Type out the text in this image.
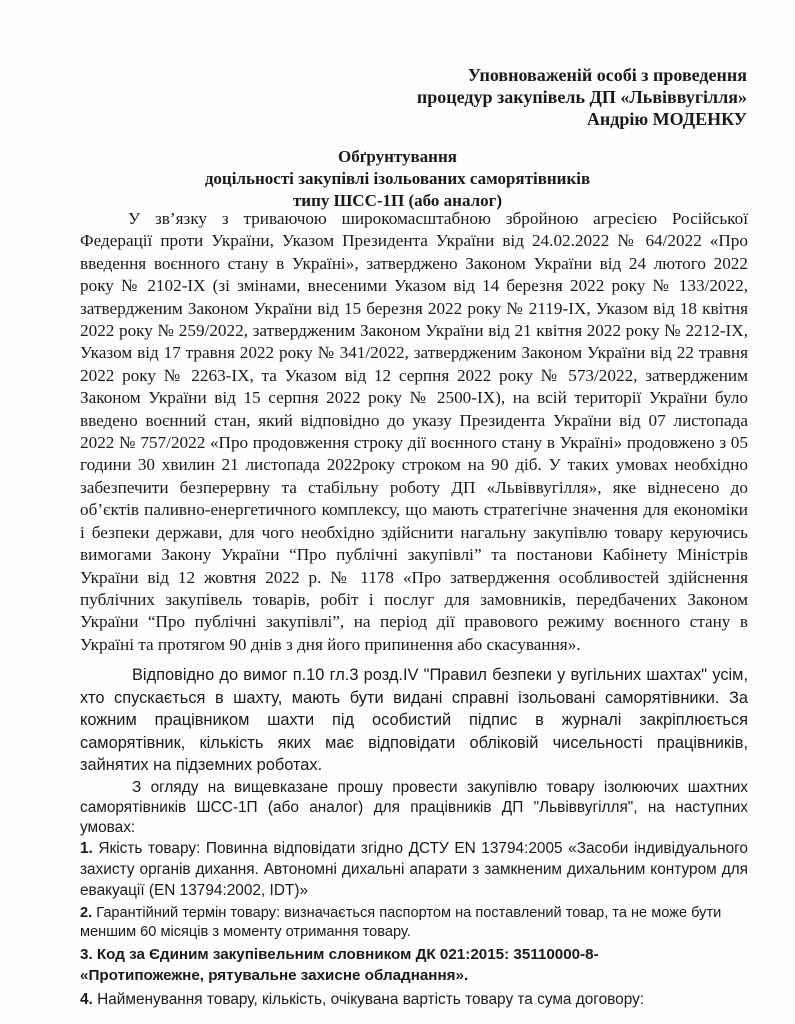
Уповноваженій особі з проведення
процедур закупівель ДП «Львіввугілля»
Андрію МОДЕНКУ
Обґрунтування
доцільності закупівлі ізольованих саморятівників
типу ШСС-1П (або аналог)

У зв’язку з триваючою широкомасштабною збройною агресією Російської Федерації проти України, Указом Президента України від 24.02.2022 № 64/2022 «Про введення воєнного стану в Україні», затверджено Законом України від 24 лютого 2022 року № 2102-IX (зі змінами, внесеними Указом від 14 березня 2022 року № 133/2022, затвердженим Законом України від 15 березня 2022 року № 2119-IX, Указом від 18 квітня 2022 року № 259/2022, затвердженим Законом України від 21 квітня 2022 року № 2212-IX, Указом від 17 травня 2022 року № 341/2022, затвердженим Законом України від 22 травня 2022 року № 2263-IX, та Указом від 12 серпня 2022 року № 573/2022, затвердженим Законом України від 15 серпня 2022 року № 2500-IX), на всій території України було введено воєнний стан, який відповідно до указу Президента України від 07 листопада 2022 № 757/2022 «Про продовження строку дії воєнного стану в Україні» продовжено з 05 години 30 хвилин 21 листопада 2022року строком на 90 діб. У таких умовах необхідно забезпечити безперервну та стабільну роботу ДП «Львіввугілля», яке віднесено до об’єктів паливно-енергетичного комплексу, що мають стратегічне значення для економіки і безпеки держави, для чого необхідно здійснити нагальну закупівлю товару керуючись вимогами Закону України “Про публічні закупівлі” та постанови Кабінету Міністрів України від 12 жовтня 2022 р. № 1178 «Про затвердження особливостей здійснення публічних закупівель товарів, робіт і послуг для замовників, передбачених Законом України “Про публічні закупівлі”, на період дії правового режиму воєнного стану в Україні та протягом 90 днів з дня його припинення або скасування».

Відповідно до вимог п.10 гл.3 розд.IV "Правил безпеки у вугільних шахтах" усім, хто спускається в шахту, мають бути видані справні ізольовані саморятівники. За кожним працівником шахти під особистий підпис в журналі закріплюється саморятівник, кількість яких має відповідати обліковій чисельності працівників, зайнятих на підземних роботах.

З огляду на вищевказане прошу провести закупівлю товару ізолюючих шахтних саморятівників ШСС-1П (або аналог) для працівників ДП "Львіввугілля", на наступних умовах:

1. Якість товару: Повинна відповідати згідно ДСТУ EN 13794:2005 «Засоби індивідуального захисту органів дихання. Автономні дихальні апарати з замкненим дихальним контуром для евакуації (EN 13794:2002, IDT)»

2. Гарантійний термін товару: визначається паспортом на поставлений товар, та не може бути меншим 60 місяців з моменту отримання товару.

3. Код за Єдиним закупівельним словником ДК 021:2015: 35110000-8-
«Протипожежне, рятувальне захисне обладнання».

4. Найменування товару, кількість, очікувана вартість товару та сума договору:
